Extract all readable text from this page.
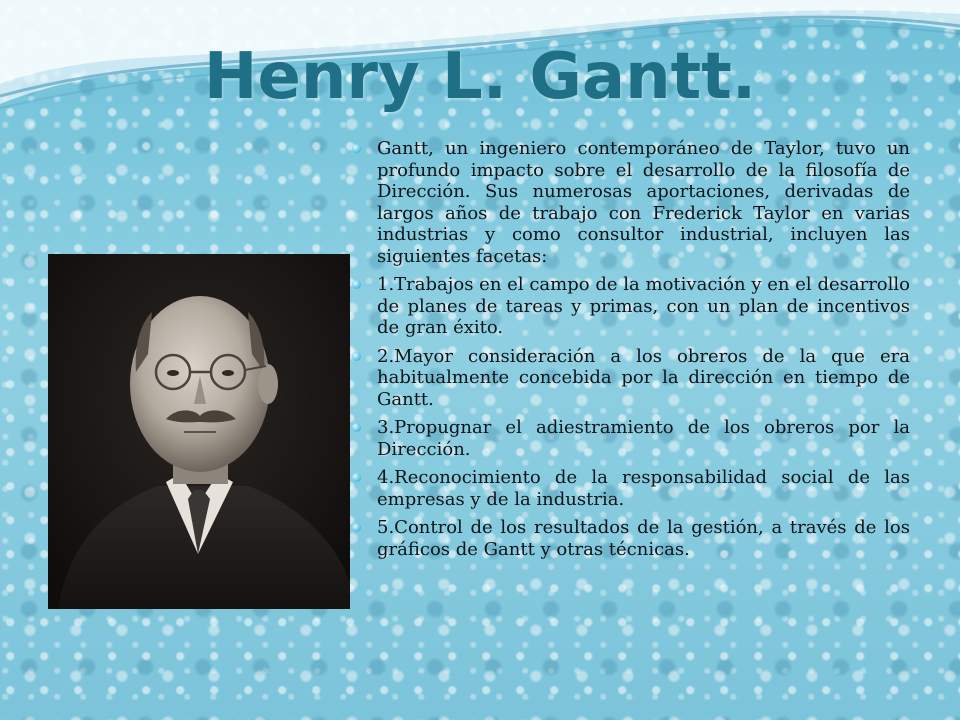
Henry L. Gantt.
Gantt, un ingeniero contemporáneo de Taylor, tuvo un profundo impacto sobre el desarrollo de la filosofía de Dirección. Sus numerosas aportaciones, derivadas de largos años de trabajo con Frederick Taylor en varias industrias y como consultor industrial, incluyen las siguientes facetas:
1.Trabajos en el campo de la motivación y en el desarrollo de planes de tareas y primas, con un plan de incentivos de gran éxito.
2.Mayor consideración a los obreros de la que era habitualmente concebida por la dirección en tiempo de Gantt.
3.Propugnar el adiestramiento de los obreros por la Dirección.
4.Reconocimiento de la responsabilidad social de las empresas y de la industria.
5.Control de los resultados de la gestión, a través de los gráficos de Gantt y otras técnicas.
